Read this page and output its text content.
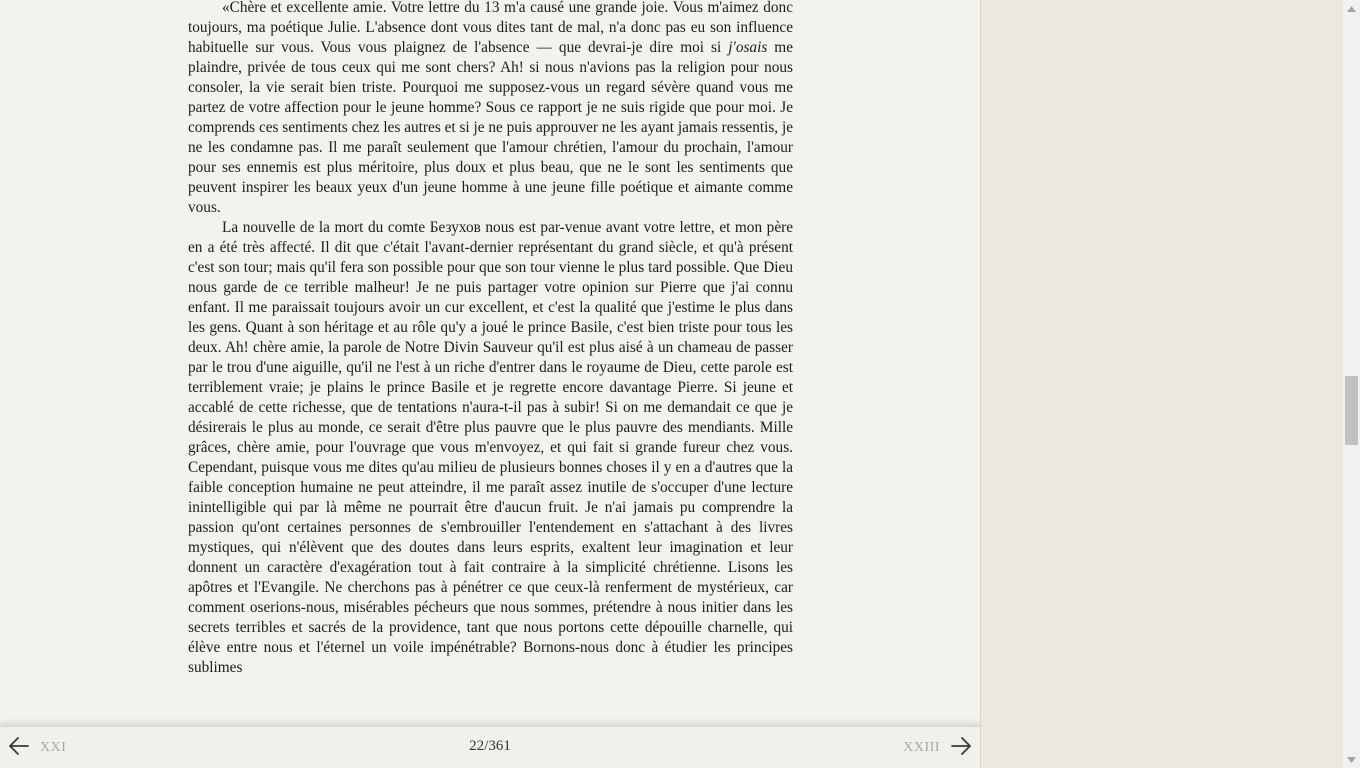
«Chère et excellente amie. Votre lettre du 13 m'a causé une grande joie. Vous m'aimez donc toujours, ma poétique Julie. L'absence dont vous dites tant de mal, n'a donc pas eu son influence habituelle sur vous. Vous vous plaignez de l'absence — que devrai-je dire moi si j'osais me plaindre, privée de tous ceux qui me sont chers? Ah! si nous n'avions pas la religion pour nous consoler, la vie serait bien triste. Pourquoi me supposez-vous un regard sévère quand vous me partez de votre affection pour le jeune homme? Sous ce rapport je ne suis rigide que pour moi. Je comprends ces sentiments chez les autres et si je ne puis approuver ne les ayant jamais ressentis, je ne les condamne pas. Il me paraît seulement que l'amour chrétien, l'amour du prochain, l'amour pour ses ennemis est plus méritoire, plus doux et plus beau, que ne le sont les sentiments que peuvent inspirer les beaux yeux d'un jeune homme à une jeune fille poétique et aimante comme vous.

La nouvelle de la mort du comte Безухов nous est par-venue avant votre lettre, et mon père en a été très affecté. Il dit que c'était l'avant-dernier représentant du grand siècle, et qu'à présent c'est son tour; mais qu'il fera son possible pour que son tour vienne le plus tard possible. Que Dieu nous garde de ce terrible malheur! Je ne puis partager votre opinion sur Pierre que j'ai connu enfant. Il me paraissait toujours avoir un cur excellent, et c'est la qualité que j'estime le plus dans les gens. Quant à son héritage et au rôle qu'y a joué le prince Basile, c'est bien triste pour tous les deux. Ah! chère amie, la parole de Notre Divin Sauveur qu'il est plus aisé à un chameau de passer par le trou d'une aiguille, qu'il ne l'est à un riche d'entrer dans le royaume de Dieu, cette parole est terriblement vraie; je plains le prince Basile et je regrette encore davantage Pierre. Si jeune et accablé de cette richesse, que de tentations n'aura-t-il pas à subir! Si on me demandait ce que je désirerais le plus au monde, ce serait d'être plus pauvre que le plus pauvre des mendiants. Mille grâces, chère amie, pour l'ouvrage que vous m'envoyez, et qui fait si grande fureur chez vous. Cependant, puisque vous me dites qu'au milieu de plusieurs bonnes choses il y en a d'autres que la faible conception humaine ne peut atteindre, il me paraît assez inutile de s'occuper d'une lecture inintelligible qui par là même ne pourrait être d'aucun fruit. Je n'ai jamais pu comprendre la passion qu'ont certaines personnes de s'embrouiller l'entendement en s'attachant à des livres mystiques, qui n'élèvent que des doutes dans leurs esprits, exaltent leur imagination et leur donnent un caractère d'exagération tout à fait contraire à la simplicité chrétienne. Lisons les apôtres et l'Evangile. Ne cherchons pas à pénétrer ce que ceux-là renferment de mystérieux, car comment oserions-nous, misérables pécheurs que nous sommes, prétendre à nous initier dans les secrets terribles et sacrés de la providence, tant que nous portons cette dépouille charnelle, qui élève entre nous et l'éternel un voile impénétrable? Bornons-nous donc à étudier les principes sublimes

XXI	22/361	XXIII
